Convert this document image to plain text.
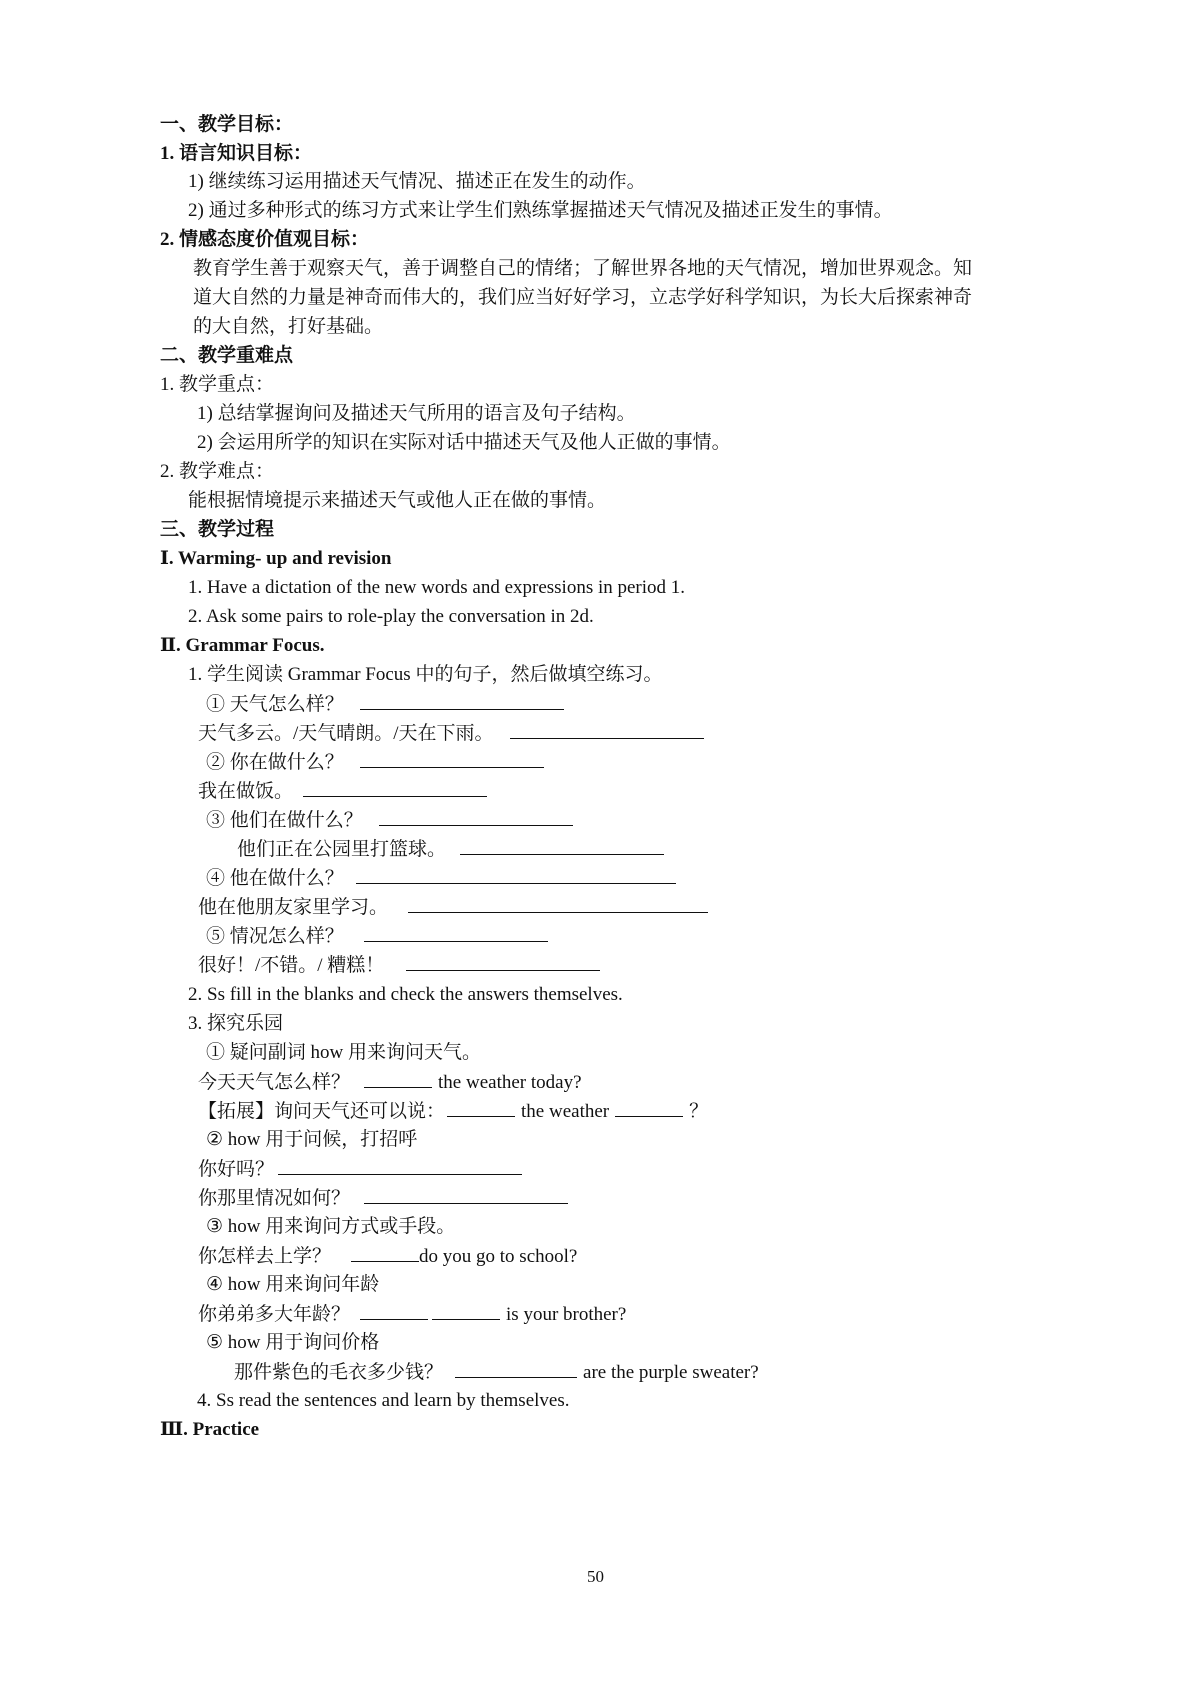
一、教学目标：
1. 语言知识目标：
1) 继续练习运用描述天气情况、描述正在发生的动作。
2) 通过多种形式的练习方式来让学生们熟练掌握描述天气情况及描述正发生的事情。
2. 情感态度价值观目标：
教育学生善于观察天气，善于调整自己的情绪；了解世界各地的天气情况，增加世界观念。知
道大自然的力量是神奇而伟大的，我们应当好好学习，立志学好科学知识，为长大后探索神奇
的大自然，打好基础。
二、教学重难点
1. 教学重点：
1) 总结掌握询问及描述天气所用的语言及句子结构。
2) 会运用所学的知识在实际对话中描述天气及他人正做的事情。
2. 教学难点：
能根据情境提示来描述天气或他人正在做的事情。
三、教学过程
Ⅰ. Warming- up and revision
1. Have a dictation of the new words and expressions in period 1.
2. Ask some pairs to role-play the conversation in 2d.
Ⅱ. Grammar Focus.
1. 学生阅读 Grammar Focus 中的句子，然后做填空练习。
① 天气怎么样？
天气多云。/天气晴朗。/天在下雨。
② 你在做什么？
我在做饭。
③ 他们在做什么？
他们正在公园里打篮球。
④ 他在做什么？
他在他朋友家里学习。
⑤ 情况怎么样？
很好！/不错。/ 糟糕！
2. Ss fill in the blanks and check the answers themselves.
3. 探究乐园
① 疑问副词 how 用来询问天气。
今天天气怎么样？	the weather today?
【拓展】询问天气还可以说：	the weather	？
② how 用于问候，打招呼
你好吗？
你那里情况如何？
③ how 用来询问方式或手段。
你怎样去上学？	do you go to school?
④ how 用来询问年龄
你弟弟多大年龄？	is your brother?
⑤ how 用于询问价格
那件紫色的毛衣多少钱？	are the purple sweater?
4. Ss read the sentences and learn by themselves.
Ⅲ. Practice
50
